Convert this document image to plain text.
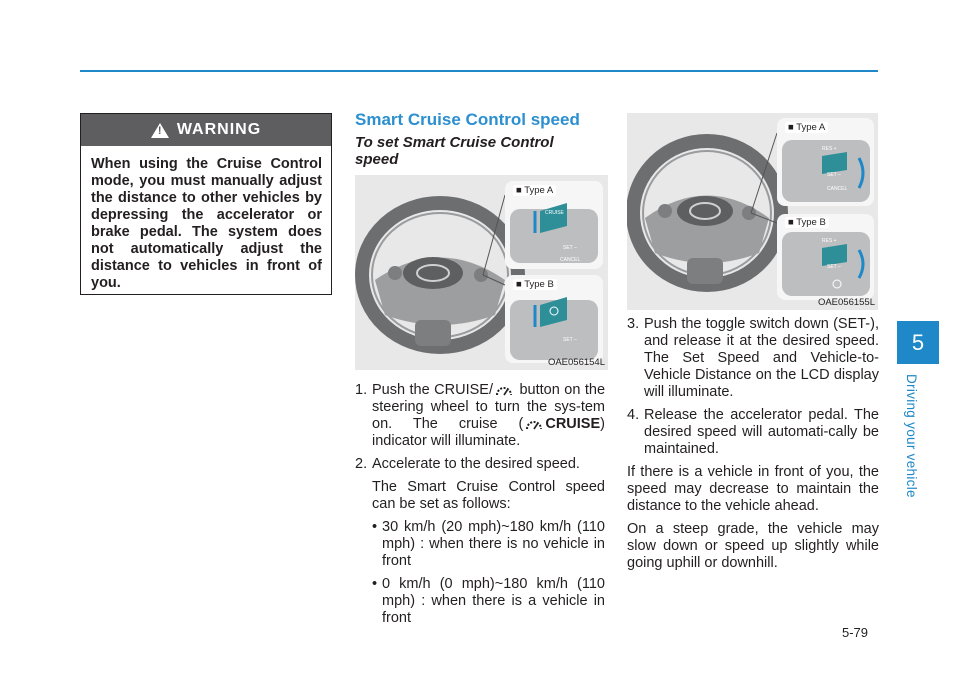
!
WARNING
When using the Cruise Control mode, you must manually adjust the distance to other vehicles by depressing the accelerator or brake pedal. The system does not automatically adjust the distance to vehicles in front of you.
Smart Cruise Control speed
To set Smart Cruise Control speed
CRUISE
SET –
CANCEL
■ Type A
SET –
■ Type B
OAE056154L
RES +
SET –
CANCEL
■ Type A
RES +
SET –
■ Type B
OAE056155L
1. Push the CRUISE/ button on the steering wheel to turn the sys-tem on. The cruise ( CRUISE) indicator will illuminate.
2. Accelerate to the desired speed.

The Smart Cruise Control speed can be set as follows:

• 30 km/h (20 mph)~180 km/h (110 mph) : when there is no vehicle in front
• 0 km/h (0 mph)~180 km/h (110 mph) : when there is a vehicle in front
3. Push the toggle switch down (SET-), and release it at the desired speed. The Set Speed and Vehicle-to-Vehicle Distance on the LCD display will illuminate.
4. Release the accelerator pedal. The desired speed will automati-cally be maintained.

If there is a vehicle in front of you, the speed may decrease to maintain the distance to the vehicle ahead.

On a steep grade, the vehicle may slow down or speed up slightly while going uphill or downhill.

5
Driving your vehicle
5-79
